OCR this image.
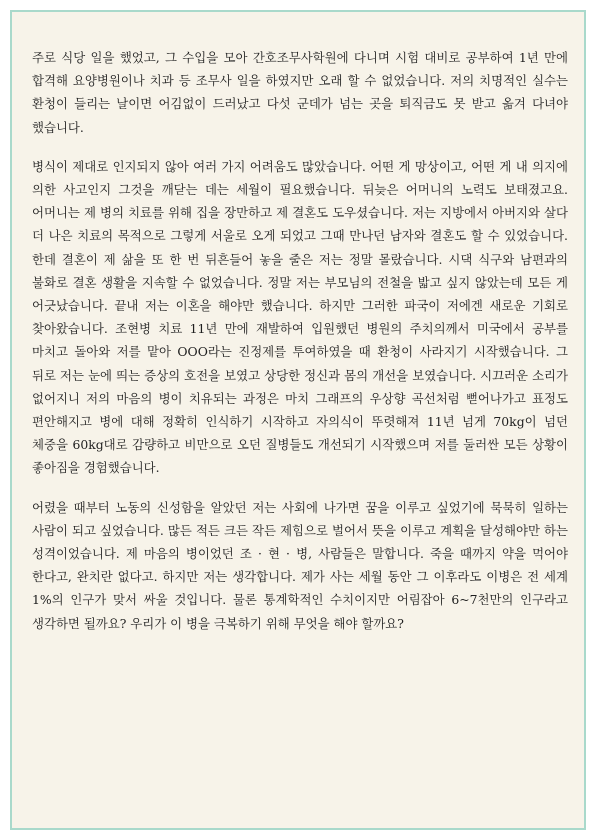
주로 식당 일을 했었고, 그 수입을 모아 간호조무사학원에 다니며 시험 대비로 공부하여 1년 만에 합격해 요양병원이나 치과 등 조무사 일을 하였지만 오래 할 수 없었습니다. 저의 치명적인 실수는 환청이 들리는 날이면 어김없이 드러났고 다섯 군데가 넘는 곳을 퇴직금도 못 받고 옮겨 다녀야 했습니다.

병식이 제대로 인지되지 않아 여러 가지 어려움도 많았습니다. 어떤 게 망상이고, 어떤 게 내 의지에 의한 사고인지 그것을 깨닫는 데는 세월이 필요했습니다. 뒤늦은 어머니의 노력도 보태졌고요. 어머니는 제 병의 치료를 위해 집을 장만하고 제 결혼도 도우셨습니다. 저는 지방에서 아버지와 살다 더 나은 치료의 목적으로 그렇게 서울로 오게 되었고 그때 만나던 남자와 결혼도 할 수 있었습니다. 한데 결혼이 제 삶을 또 한 번 뒤흔들어 놓을 줄은 저는 정말 몰랐습니다. 시댁 식구와 남편과의 불화로 결혼 생활을 지속할 수 없었습니다. 정말 저는 부모님의 전철을 밟고 싶지 않았는데 모든 게 어긋났습니다. 끝내 저는 이혼을 해야만 했습니다. 하지만 그러한 파국이 저에겐 새로운 기회로 찾아왔습니다. 조현병 치료 11년 만에 재발하여 입원했던 병원의 주치의께서 미국에서 공부를 마치고 돌아와 저를 맡아 OOO라는 진정제를 투여하였을 때 환청이 사라지기 시작했습니다. 그 뒤로 저는 눈에 띄는 증상의 호전을 보였고 상당한 정신과 몸의 개선을 보였습니다. 시끄러운 소리가 없어지니 저의 마음의 병이 치유되는 과정은 마치 그래프의 우상향 곡선처럼 뻗어나가고 표정도 편안해지고 병에 대해 정확히 인식하기 시작하고 자의식이 뚜렷해져 11년 넘게 70kg이 넘던 체중을 60kg대로 감량하고 비만으로 오던 질병들도 개선되기 시작했으며 저를 둘러싼 모든 상황이 좋아짐을 경험했습니다.

어렸을 때부터 노동의 신성함을 알았던 저는 사회에 나가면 꿈을 이루고 싶었기에 묵묵히 일하는 사람이 되고 싶었습니다. 많든 적든 크든 작든 제힘으로 벌어서 뜻을 이루고 계획을 달성해야만 하는 성격이었습니다. 제 마음의 병이었던 조 · 현 · 병, 사람들은 말합니다. 죽을 때까지 약을 먹어야 한다고, 완치란 없다고. 하지만 저는 생각합니다. 제가 사는 세월 동안 그 이후라도 이병은 전 세계 1%의 인구가 맞서 싸울 것입니다. 물론 통계학적인 수치이지만 어림잡아 6~7천만의 인구라고 생각하면 될까요? 우리가 이 병을 극복하기 위해 무엇을 해야 할까요?
